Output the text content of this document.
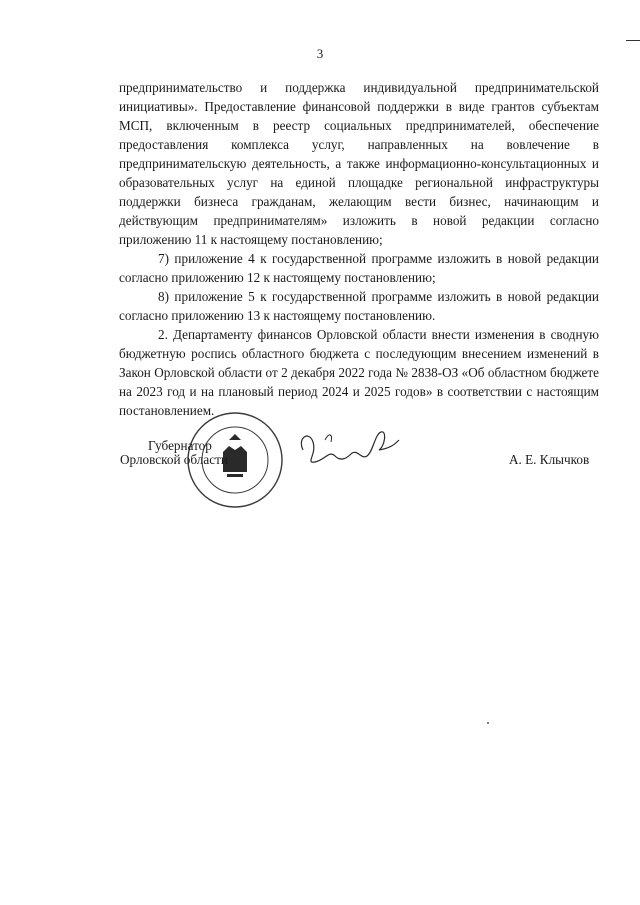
3

предпринимательство и поддержка индивидуальной предпринимательской инициативы». Предоставление финансовой поддержки в виде грантов субъектам МСП, включенным в реестр социальных предпринимателей, обеспечение предоставления комплекса услуг, направленных на вовлечение в предпринимательскую деятельность, а также информационно-консультационных и образовательных услуг на единой площадке региональной инфраструктуры поддержки бизнеса гражданам, желающим вести бизнес, начинающим и действующим предпринимателям» изложить в новой редакции согласно приложению 11 к настоящему постановлению;

7) приложение 4 к государственной программе изложить в новой редакции согласно приложению 12 к настоящему постановлению;

8) приложение 5 к государственной программе изложить в новой редакции согласно приложению 13 к настоящему постановлению.

2. Департаменту финансов Орловской области внести изменения в сводную бюджетную роспись областного бюджета с последующим внесением изменений в Закон Орловской области от 2 декабря 2022 года № 2838-ОЗ «Об областном бюджете на 2023 год и на плановый период 2024 и 2025 годов» в соответствии с настоящим постановлением.

Губернатор
Орловской области	А. Е. Клычков
